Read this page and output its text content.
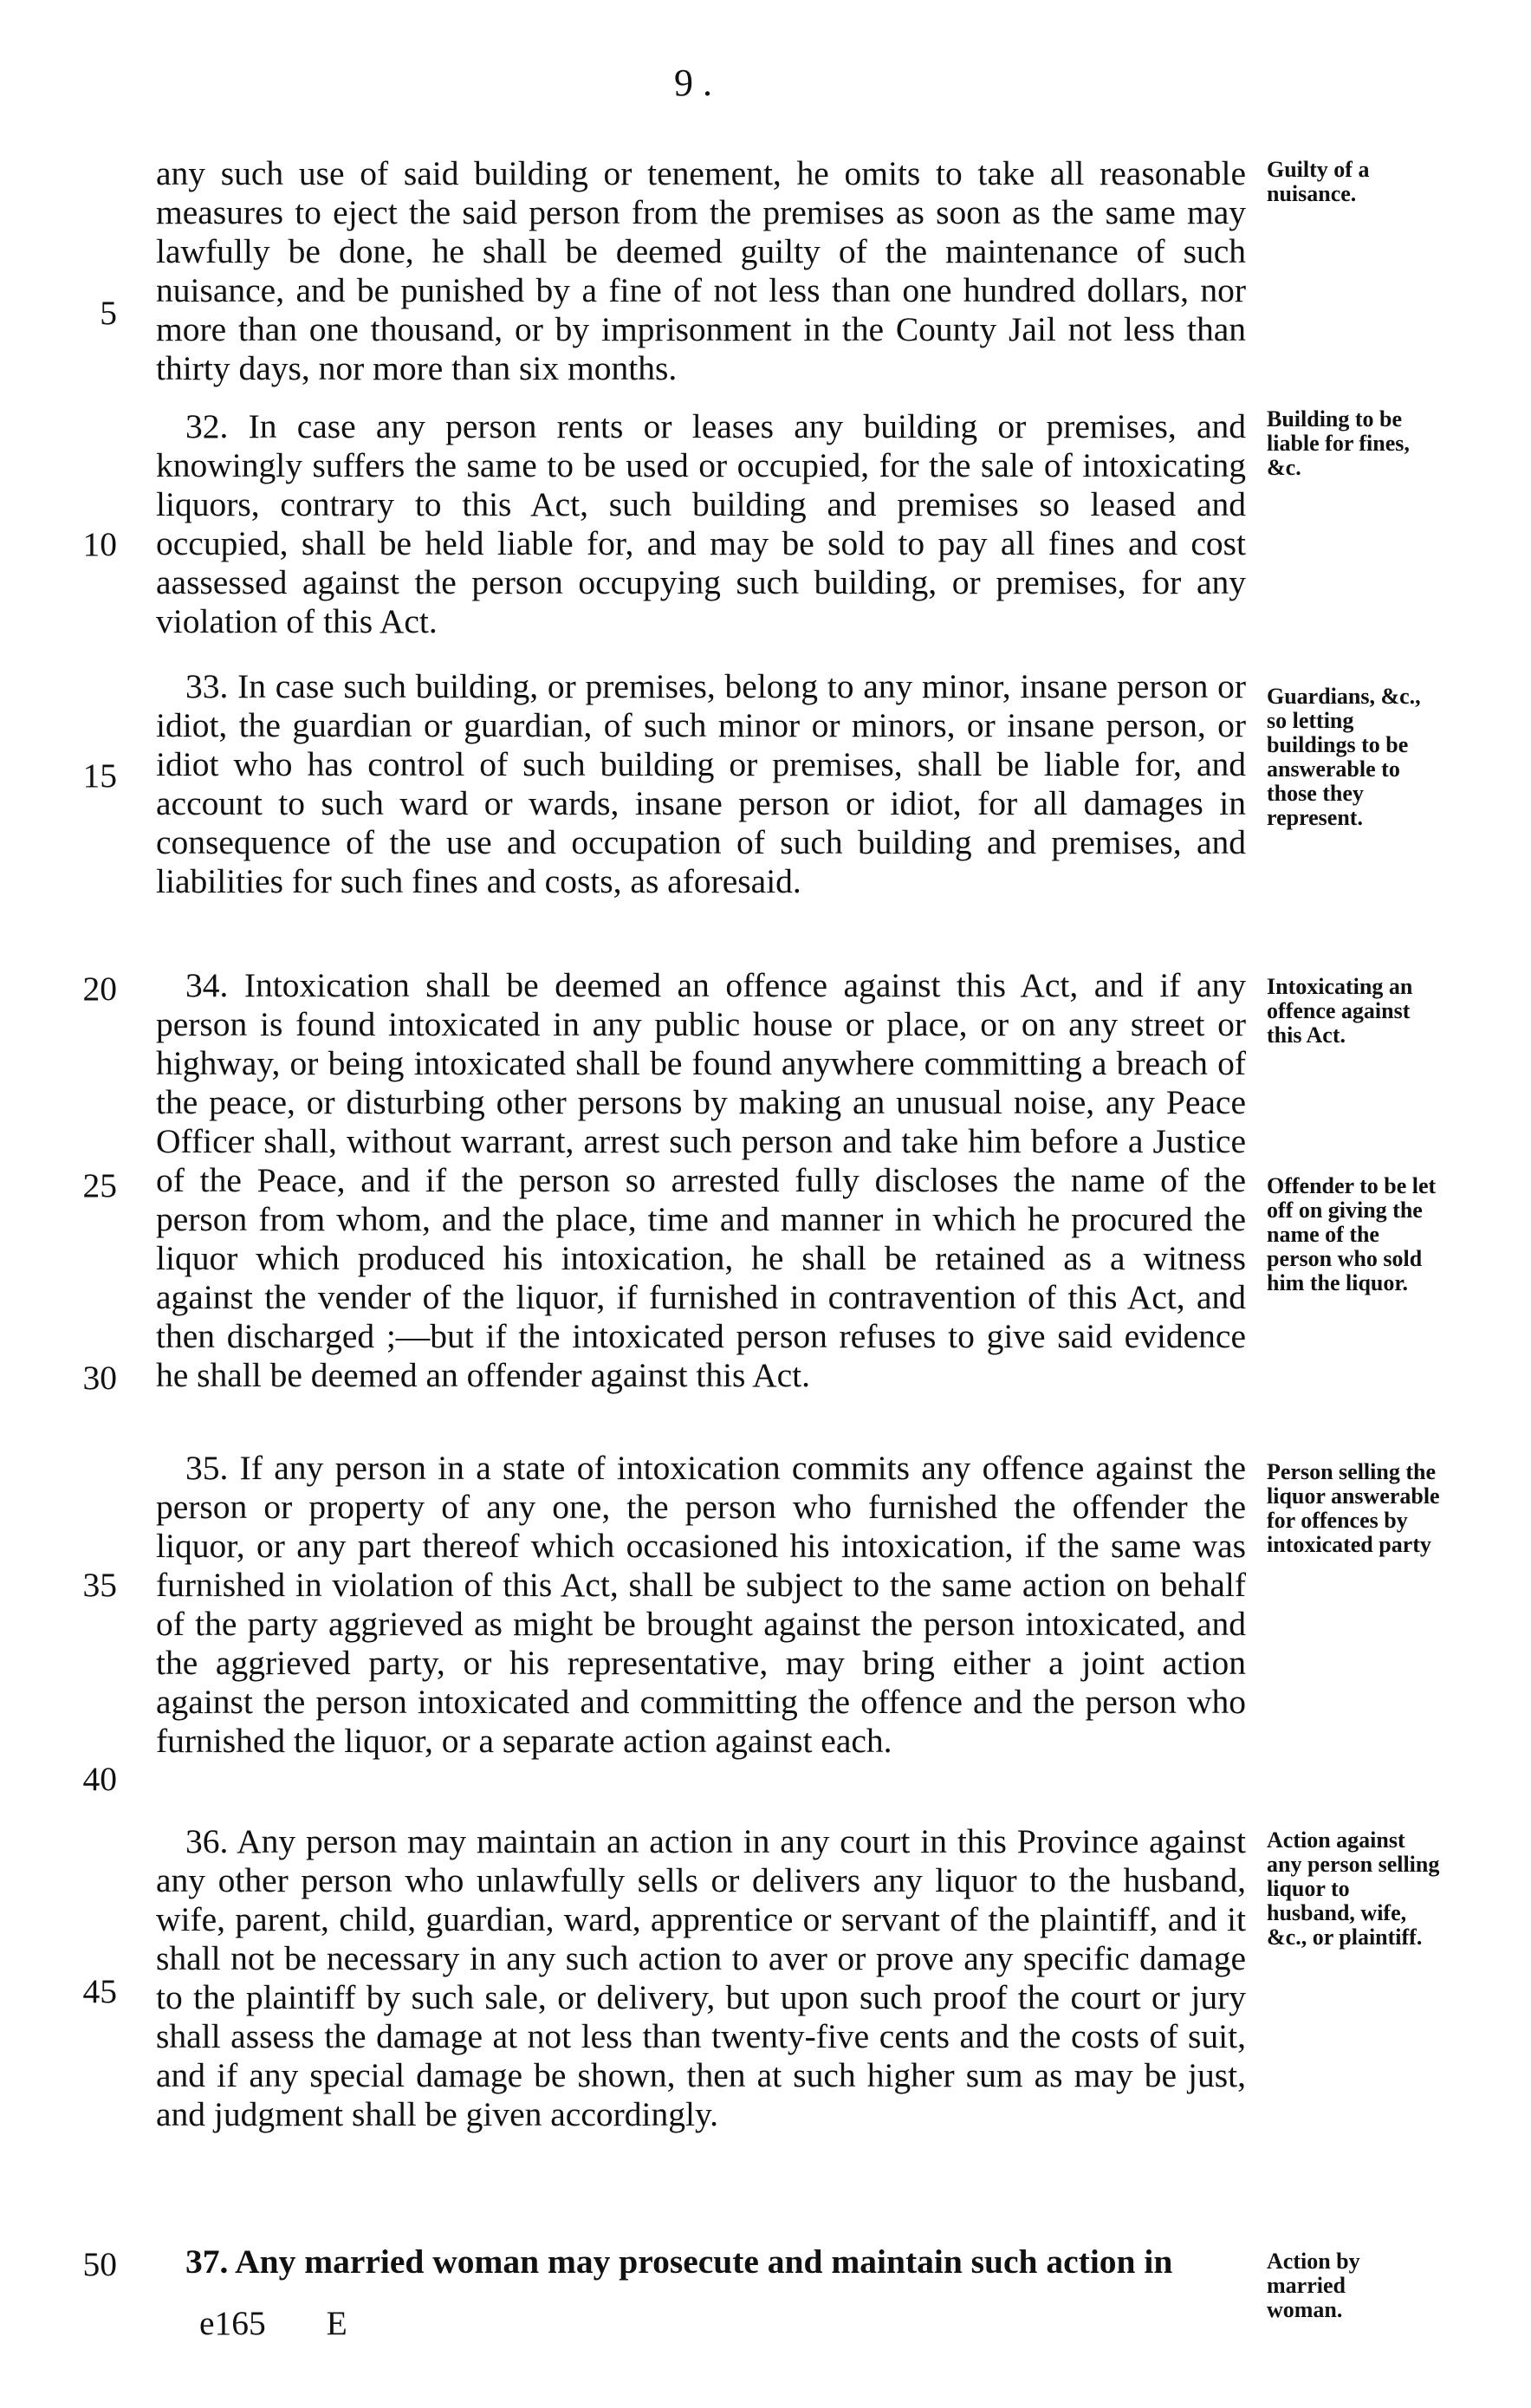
9 .

any such use of said building or tenement, he omits to take all reasonable measures to eject the said person from the premises as soon as the same may lawfully be done, he shall be deemed guilty of the maintenance of such nuisance, and be punished by a fine of not less than one hundred dollars, nor more than one thousand, or by imprisonment in the County Jail not less than thirty days, nor more than six months.

32. In case any person rents or leases any building or premises, and knowingly suffers the same to be used or occupied, for the sale of intoxicating liquors, contrary to this Act, such building and premises so leased and occupied, shall be held liable for, and may be sold to pay all fines and cost aassessed against the person occupying such building, or premises, for any violation of this Act.

33. In case such building, or premises, belong to any minor, insane person or idiot, the guardian or guardian, of such minor or minors, or insane person, or idiot who has control of such building or premises, shall be liable for, and account to such ward or wards, insane person or idiot, for all damages in consequence of the use and occupation of such building and premises, and liabilities for such fines and costs, as aforesaid.

34. Intoxication shall be deemed an offence against this Act, and if any person is found intoxicated in any public house or place, or on any street or highway, or being intoxicated shall be found anywhere committing a breach of the peace, or disturbing other persons by making an unusual noise, any Peace Officer shall, without warrant, arrest such person and take him before a Justice of the Peace, and if the person so arrested fully discloses the name of the person from whom, and the place, time and manner in which he procured the liquor which produced his intoxication, he shall be retained as a witness against the vender of the liquor, if furnished in contravention of this Act, and then discharged ;—but if the intoxicated person refuses to give said evidence he shall be deemed an offender against this Act.

35. If any person in a state of intoxication commits any offence against the person or property of any one, the person who furnished the offender the liquor, or any part thereof which occasioned his intoxication, if the same was furnished in violation of this Act, shall be subject to the same action on behalf of the party aggrieved as might be brought against the person intoxicated, and the aggrieved party, or his representative, may bring either a joint action against the person intoxicated and committing the offence and the person who furnished the liquor, or a separate action against each.

36. Any person may maintain an action in any court in this Province against any other person who unlawfully sells or delivers any liquor to the husband, wife, parent, child, guardian, ward, apprentice or servant of the plaintiff, and it shall not be necessary in any such action to aver or prove any specific damage to the plaintiff by such sale, or delivery, but upon such proof the court or jury shall assess the damage at not less than twenty-five cents and the costs of suit, and if any special damage be shown, then at such higher sum as may be just, and judgment shall be given accordingly.

37. Any married woman may prosecute and maintain such action in

5
10
15
20
25
30
35
40
45
50
Guilty of a nuisance.
Building to be liable for fines, &c.
Guardians, &c., so letting buildings to be answerable to those they represent.
Intoxicating an offence against this Act.
Offender to be let off on giving the name of the person who sold him the liquor.
Person selling the liquor answerable for offences by intoxicated party
Action against any person selling liquor to husband, wife, &c., or plaintiff.
Action by married woman.
e165 E
